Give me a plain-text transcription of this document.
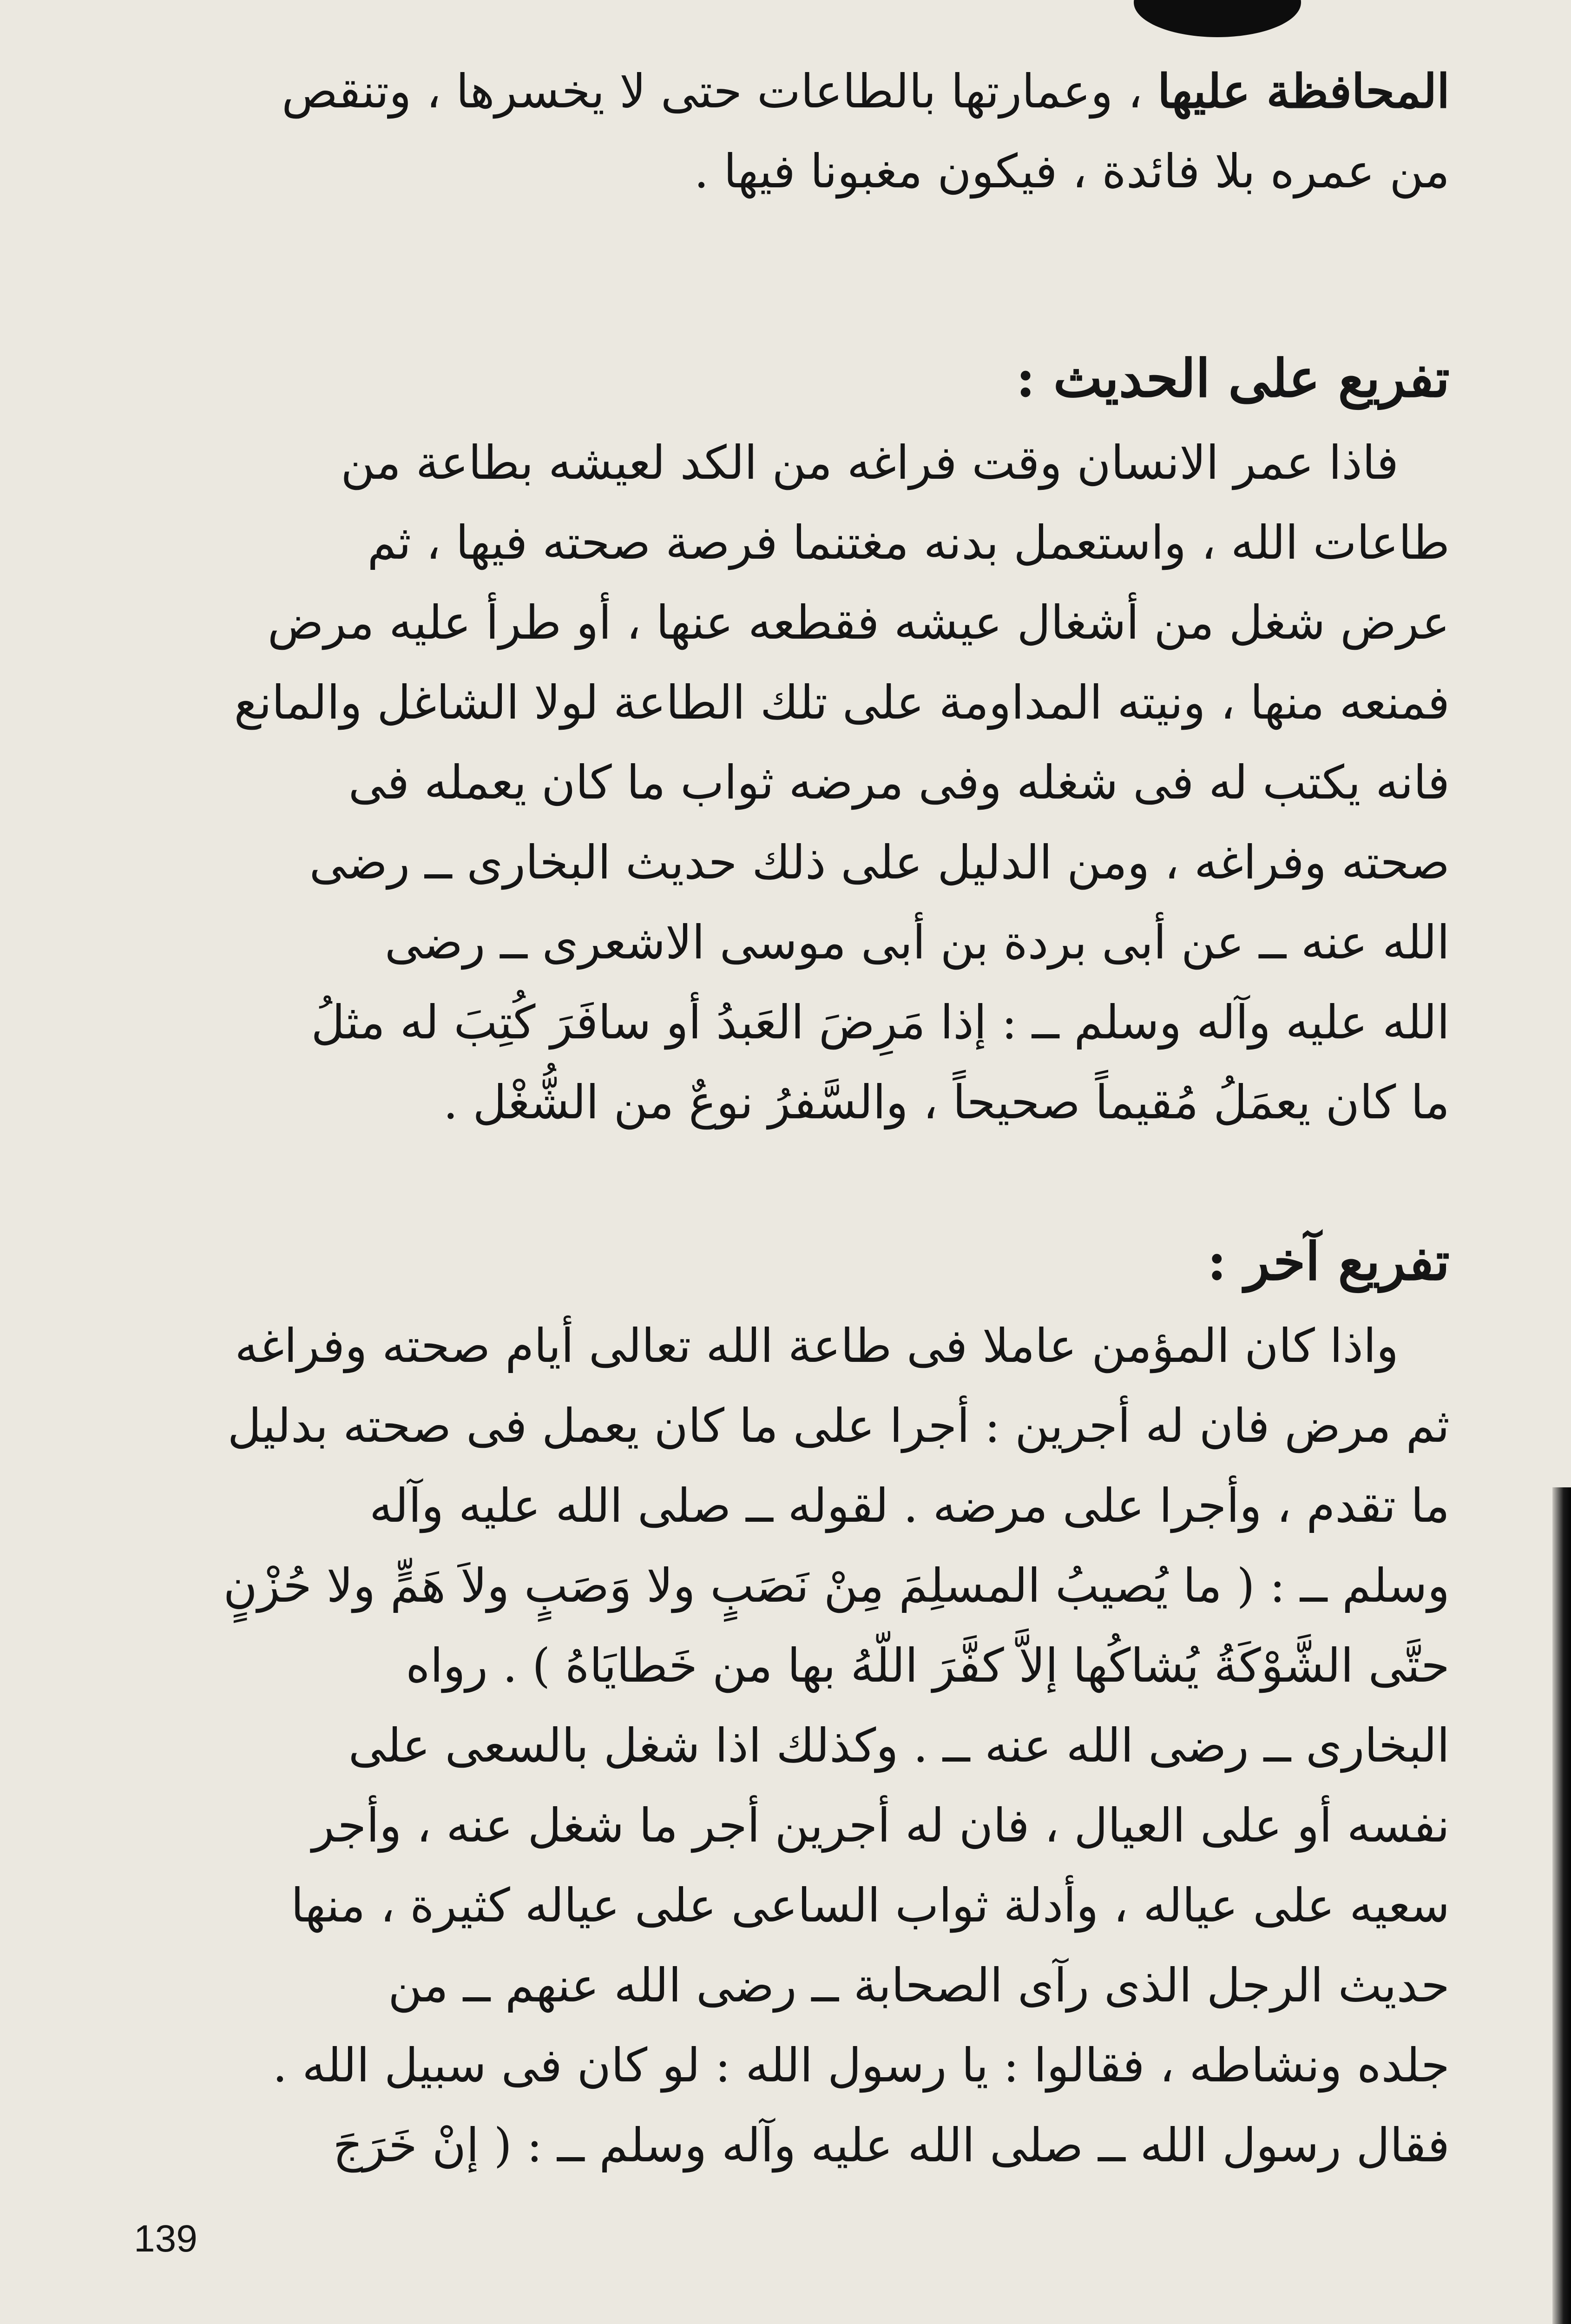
المحافظة عليها ، وعمارتها بالطاعات حتى لا يخسرها ، وتنقص
من عمره بلا فائدة ، فيكون مغبونا فيها .
تفريع على الحديث :
فاذا عمر الانسان وقت فراغه من الكد لعيشه بطاعة من
طاعات الله ، واستعمل بدنه مغتنما فرصة صحته فيها ، ثم
عرض شغل من أشغال عيشه فقطعه عنها ، أو طرأ عليه مرض
فمنعه منها ، ونيته المداومة على تلك الطاعة لولا الشاغل والمانع
فانه يكتب له فى شغله وفى مرضه ثواب ما كان يعمله فى
صحته وفراغه ، ومن الدليل على ذلك حديث البخارى ــ رضى
الله عنه ــ عن أبى بردة بن أبى موسى الاشعرى ــ رضى
الله عليه وآله وسلم ــ : إذا مَرِضَ العَبدُ أو سافَرَ كُتِبَ له مثلُ
ما كان يعمَلُ مُقيماً صحيحاً ، والسَّفرُ نوعٌ من الشُّغْل .
تفريع آخر :
واذا كان المؤمن عاملا فى طاعة الله تعالى أيام صحته وفراغه
ثم مرض فان له أجرين : أجرا على ما كان يعمل فى صحته بدليل
ما تقدم ، وأجرا على مرضه . لقوله ــ صلى الله عليه وآله
وسلم ــ : ( ما يُصيبُ المسلِمَ مِنْ نَصَبٍ ولا وَصَبٍ ولاَ هَمٍّ ولا حُزْنٍ
حتَّى الشَّوْكَةُ يُشاكُها إلاَّ كفَّرَ اللّهُ بها من خَطايَاهُ ) . رواه
البخارى ــ رضى الله عنه ــ . وكذلك اذا شغل بالسعى على
نفسه أو على العيال ، فان له أجرين أجر ما شغل عنه ، وأجر
سعيه على عياله ، وأدلة ثواب الساعى على عياله كثيرة ، منها
حديث الرجل الذى رآى الصحابة ــ رضى الله عنهم ــ من
جلده ونشاطه ، فقالوا : يا رسول الله : لو كان فى سبيل الله .
فقال رسول الله ــ صلى الله عليه وآله وسلم ــ : ( إنْ خَرَجَ
139
